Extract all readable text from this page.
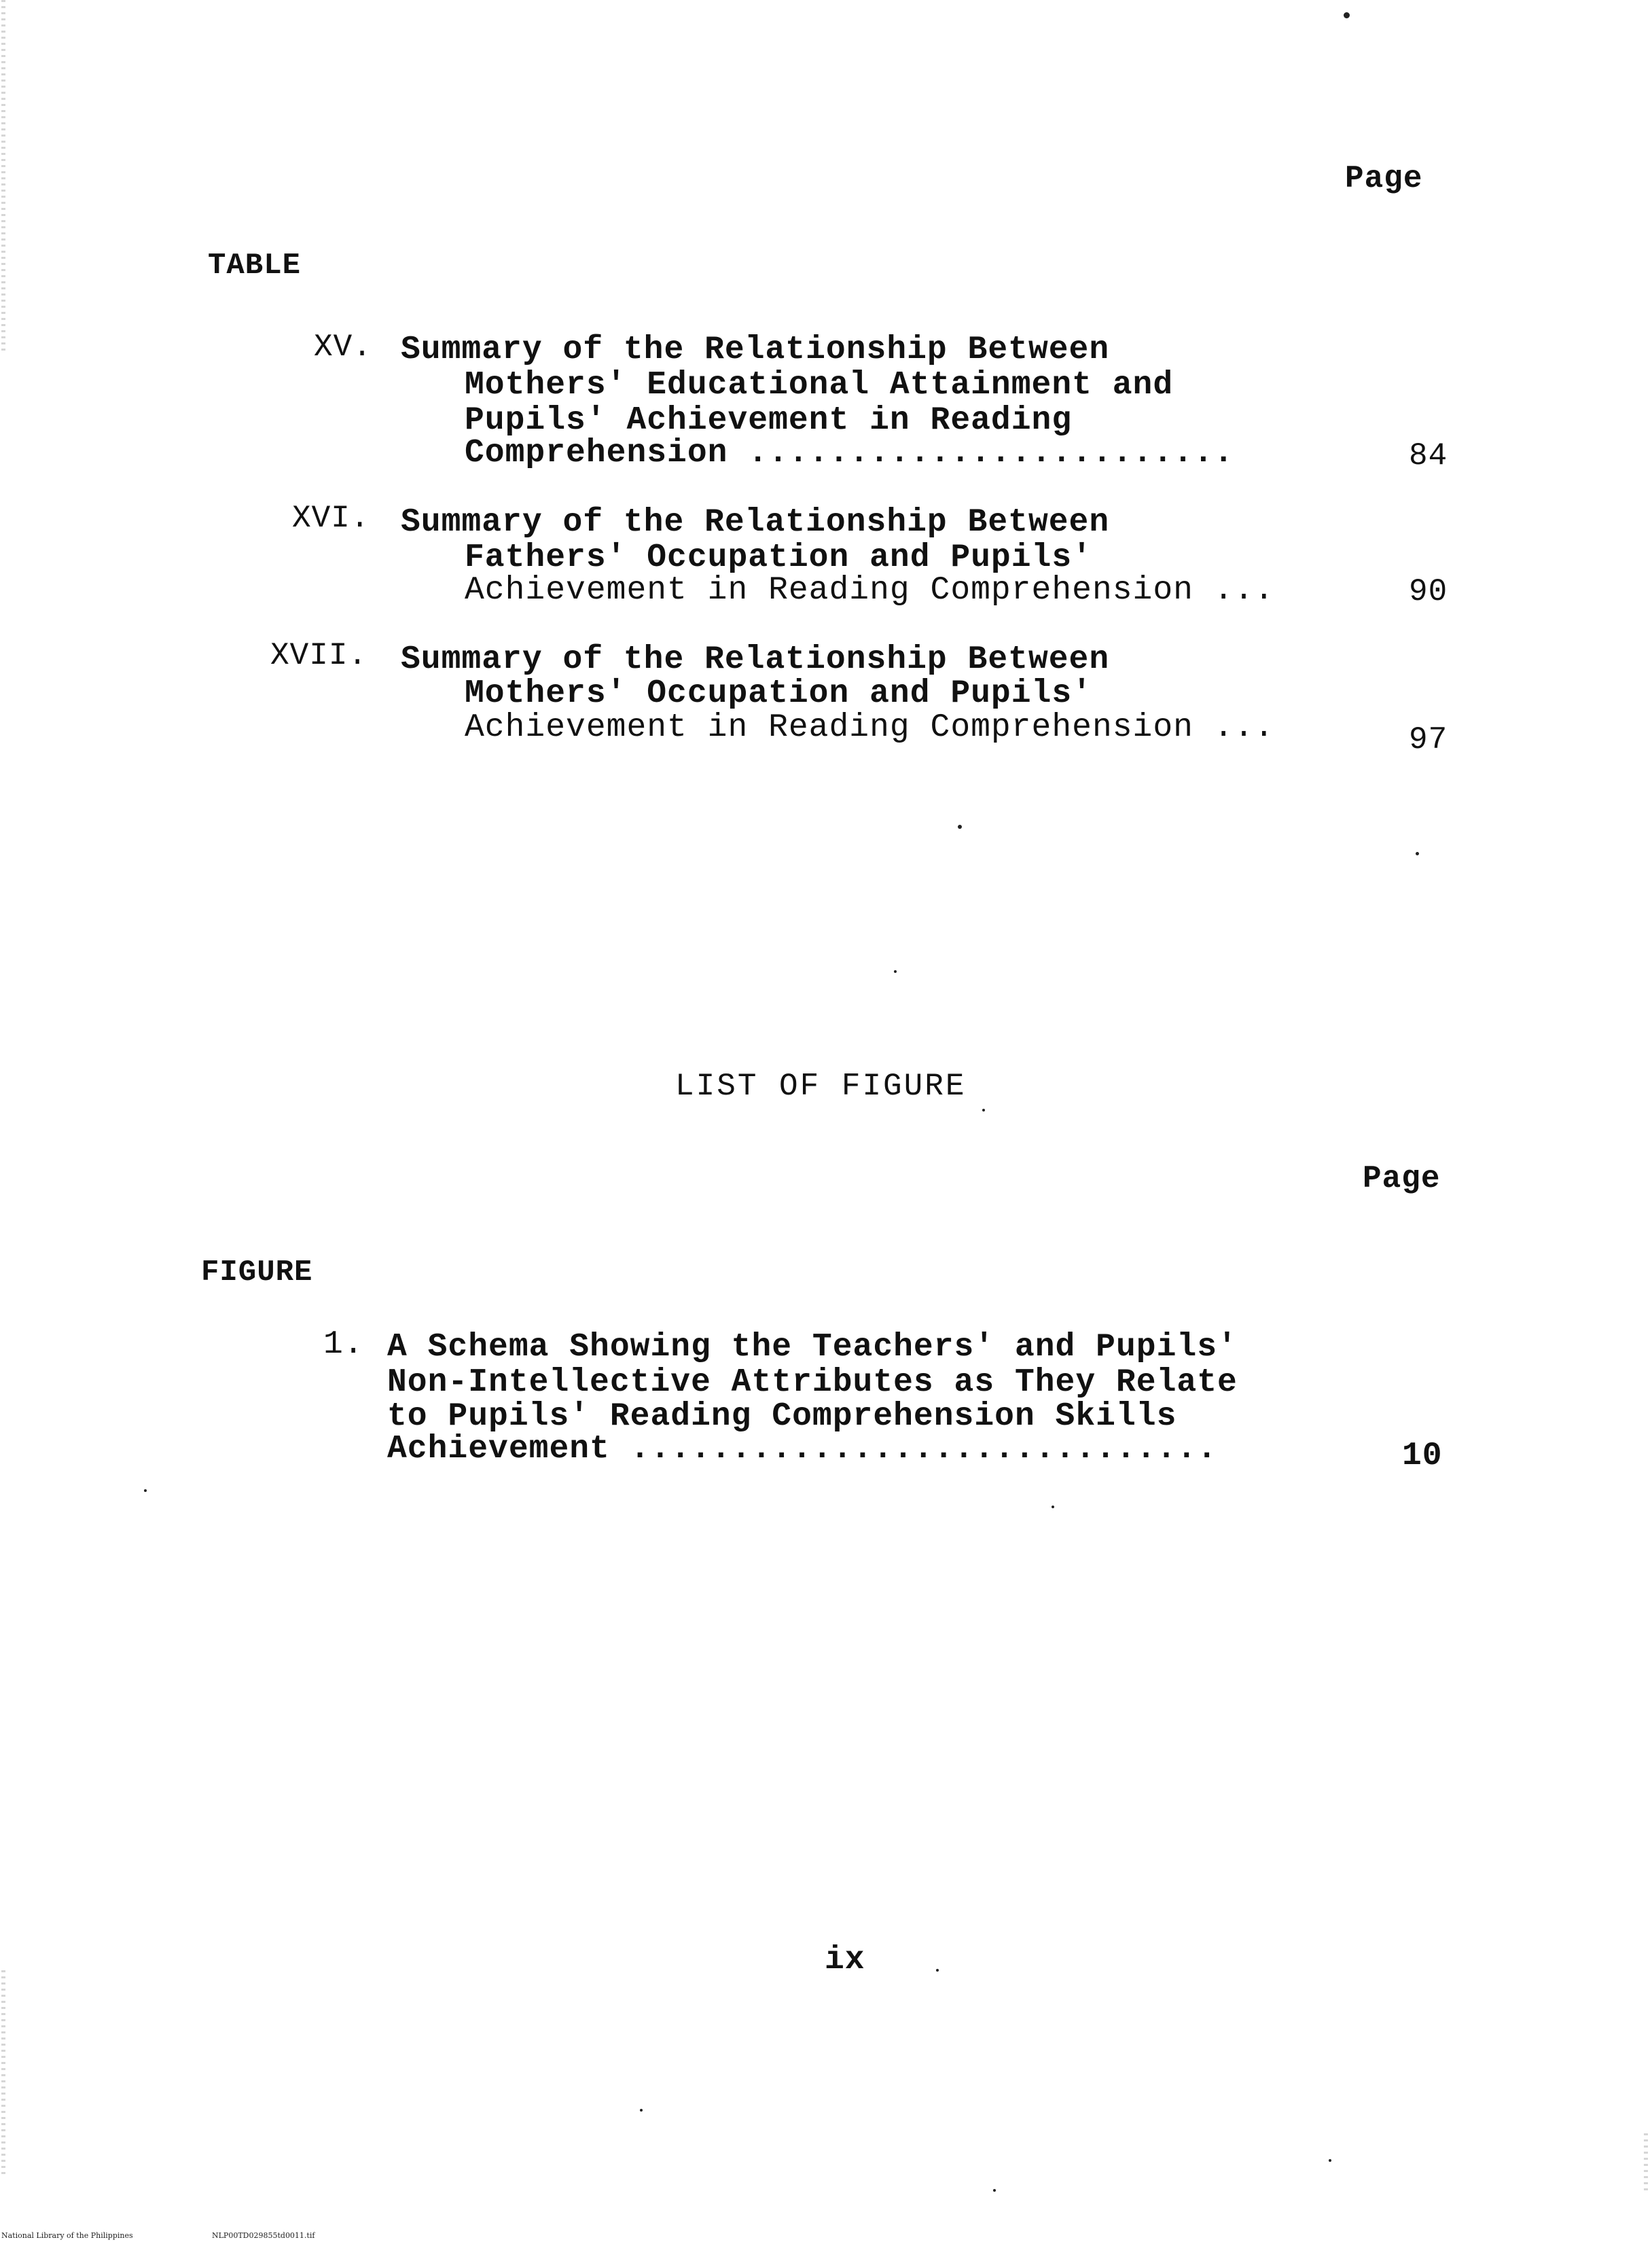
Page
TABLE
XV. Summary of the Relationship Between
Mothers' Educational Attainment and
Pupils' Achievement in Reading
Comprehension ........................	84
XVI. Summary of the Relationship Between
Fathers' Occupation and Pupils'
Achievement in Reading Comprehension ...	90
XVII. Summary of the Relationship Between
Mothers' Occupation and Pupils'
Achievement in Reading Comprehension ...	97
LIST OF FIGURE
Page
FIGURE
1. A Schema Showing the Teachers' and Pupils'
Non-Intellective Attributes as They Relate
to Pupils' Reading Comprehension Skills
Achievement .............................	10
ix
National Library of the Philippines	NLP00TD029855td0011.tif
